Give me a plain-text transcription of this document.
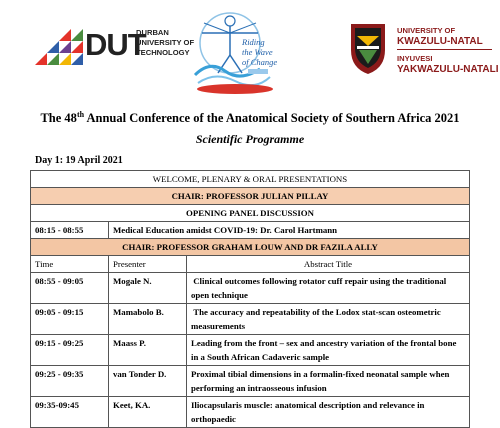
DUT
DURBAN
UNIVERSITY OF
TECHNOLOGY
Riding
the Wave
of Change
UNIVERSITY OF
KWAZULU-NATAL
INYUVESI
YAKWAZULU-NATALI
The 48th Annual Conference of the Anatomical Society of Southern Africa 2021
Scientific Programme
Day 1: 19 April 2021
WELCOME, PLENARY & ORAL PRESENTATIONS		
CHAIR: PROFESSOR JULIAN PILLAY		
OPENING PANEL DISCUSSION		
08:15 - 08:55	Medical Education amidst COVID-19: Dr. Carol Hartmann	
CHAIR: PROFESSOR GRAHAM LOUW AND DR FAZILA ALLY		
Time	Presenter	Abstract Title
08:55 - 09:05	Mogale N.	Clinical outcomes following rotator cuff repair using the traditional open technique
09:05 - 09:15	Mamabolo B.	The accuracy and repeatability of the Lodox stat-scan osteometric measurements
09:15 - 09:25	Maass P.	Leading from the front – sex and ancestry variation of the frontal bone in a South African Cadaveric sample
09:25 - 09:35	van Tonder D.	Proximal tibial dimensions in a formalin-fixed neonatal sample when performing an intraosseous infusion
09:35-09:45	Keet, KA.	Iliocapsularis muscle: anatomical description and relevance in orthopaedic
